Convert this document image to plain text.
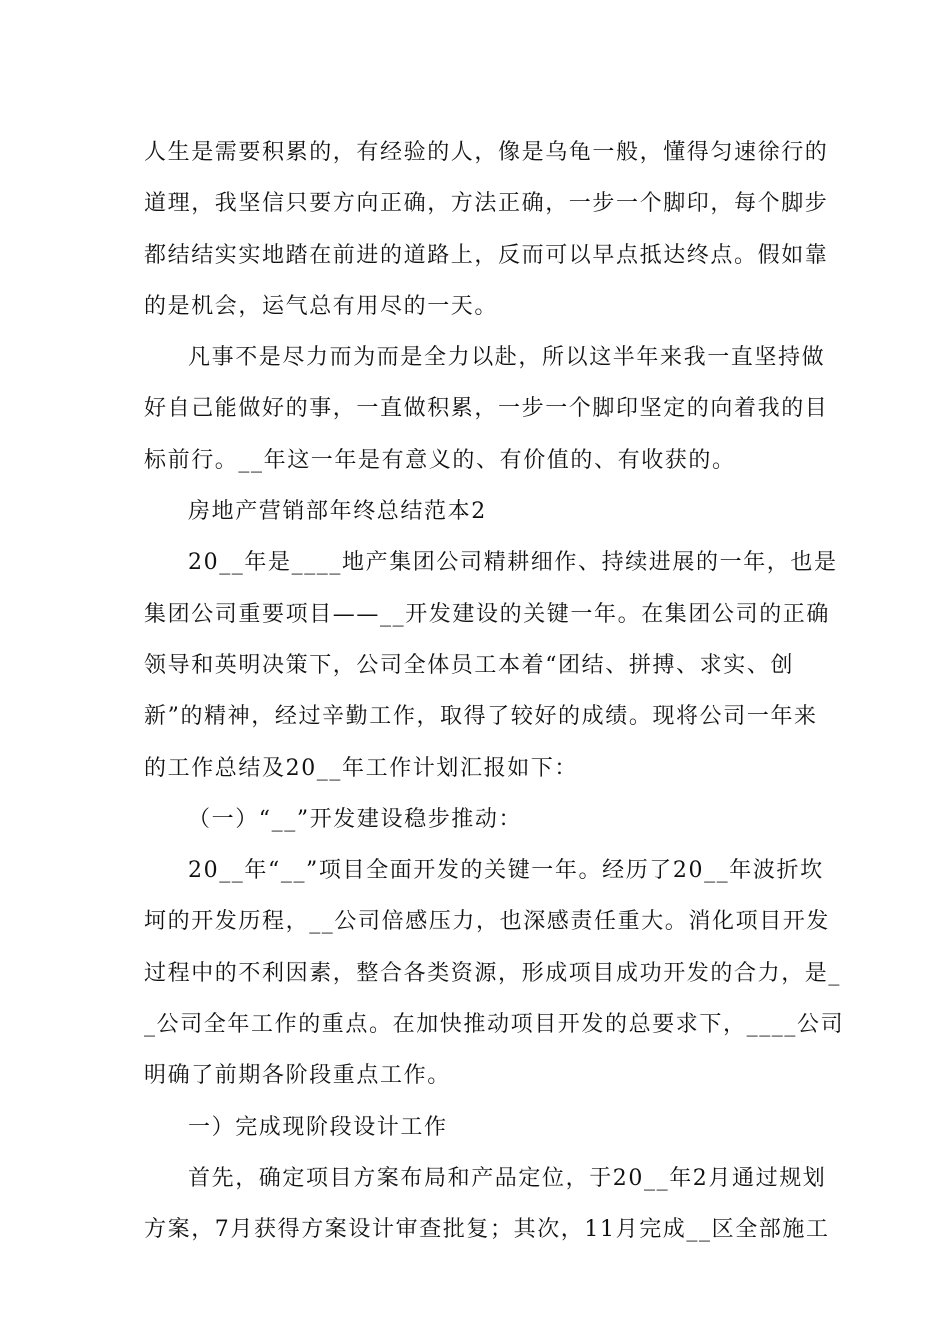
人生是需要积累的，有经验的人，像是乌龟一般，懂得匀速徐行的
道理，我坚信只要方向正确，方法正确，一步一个脚印，每个脚步
都结结实实地踏在前进的道路上，反而可以早点抵达终点。假如靠
的是机会，运气总有用尽的一天。
凡事不是尽力而为而是全力以赴，所以这半年来我一直坚持做
好自己能做好的事，一直做积累，一步一个脚印坚定的向着我的目
标前行。__年这一年是有意义的、有价值的、有收获的。
房地产营销部年终总结范本2
20__年是____地产集团公司精耕细作、持续进展的一年，也是
集团公司重要项目——__开发建设的关键一年。在集团公司的正确
领导和英明决策下，公司全体员工本着“团结、拼搏、求实、创
新”的精神，经过辛勤工作，取得了较好的成绩。现将公司一年来
的工作总结及20__年工作计划汇报如下：
（一）“__”开发建设稳步推动：
20__年“__”项目全面开发的关键一年。经历了20__年波折坎
坷的开发历程，__公司倍感压力，也深感责任重大。消化项目开发
过程中的不利因素，整合各类资源，形成项目成功开发的合力，是_
_公司全年工作的重点。在加快推动项目开发的总要求下，____公司
明确了前期各阶段重点工作。
一）完成现阶段设计工作
首先，确定项目方案布局和产品定位，于20__年2月通过规划
方案，7月获得方案设计审查批复；其次，11月完成__区全部施工
